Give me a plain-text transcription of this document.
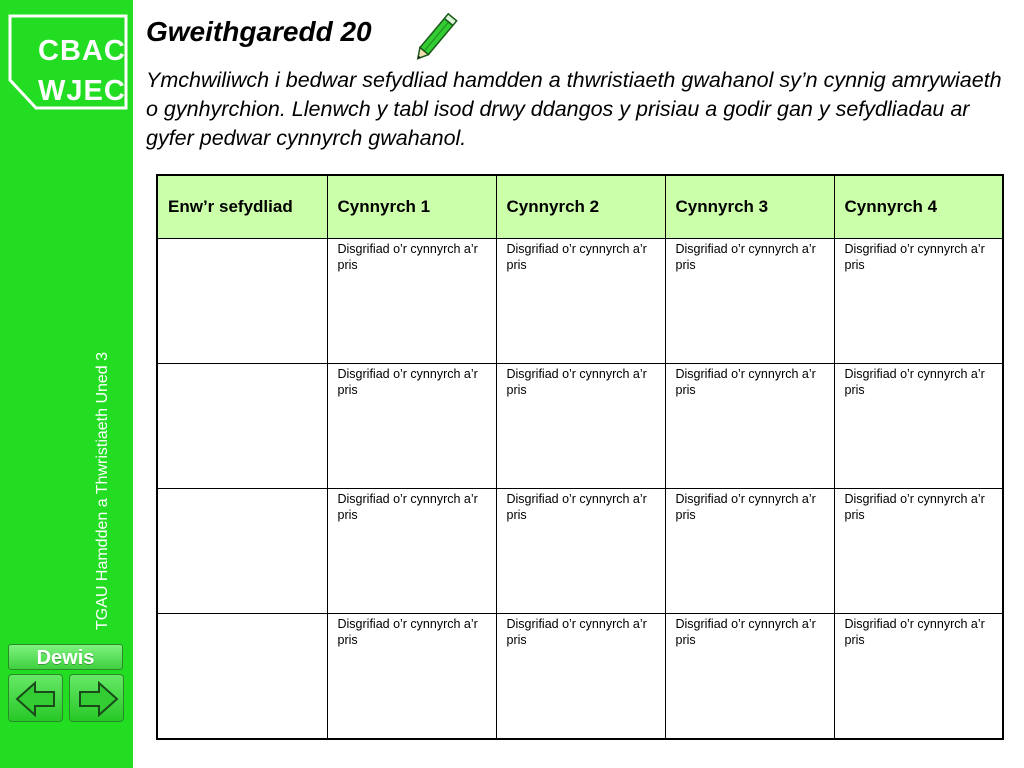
CBAC
WJEC
TGAU Hamdden a Thwristiaeth Uned 3
Dewis
Gweithgaredd 20
Ymchwiliwch i bedwar sefydliad hamdden a thwristiaeth gwahanol sy’n cynnig amrywiaeth o gynhyrchion. Llenwch y tabl isod drwy ddangos y prisiau a godir gan y sefydliadau ar gyfer pedwar cynnyrch gwahanol.
Enw’r sefydliad	Cynnyrch 1	Cynnyrch 2	Cynnyrch 3	Cynnyrch 4

	Disgrifiad o’r cynnyrch a’r pris	Disgrifiad o’r cynnyrch a’r pris	Disgrifiad o’r cynnyrch a’r pris	Disgrifiad o’r cynnyrch a’r pris

	Disgrifiad o’r cynnyrch a’r pris	Disgrifiad o’r cynnyrch a’r pris	Disgrifiad o’r cynnyrch a’r pris	Disgrifiad o’r cynnyrch a’r pris

	Disgrifiad o’r cynnyrch a’r pris	Disgrifiad o’r cynnyrch a’r pris	Disgrifiad o’r cynnyrch a’r pris	Disgrifiad o’r cynnyrch a’r pris

	Disgrifiad o’r cynnyrch a’r pris	Disgrifiad o’r cynnyrch a’r pris	Disgrifiad o’r cynnyrch a’r pris	Disgrifiad o’r cynnyrch a’r pris
